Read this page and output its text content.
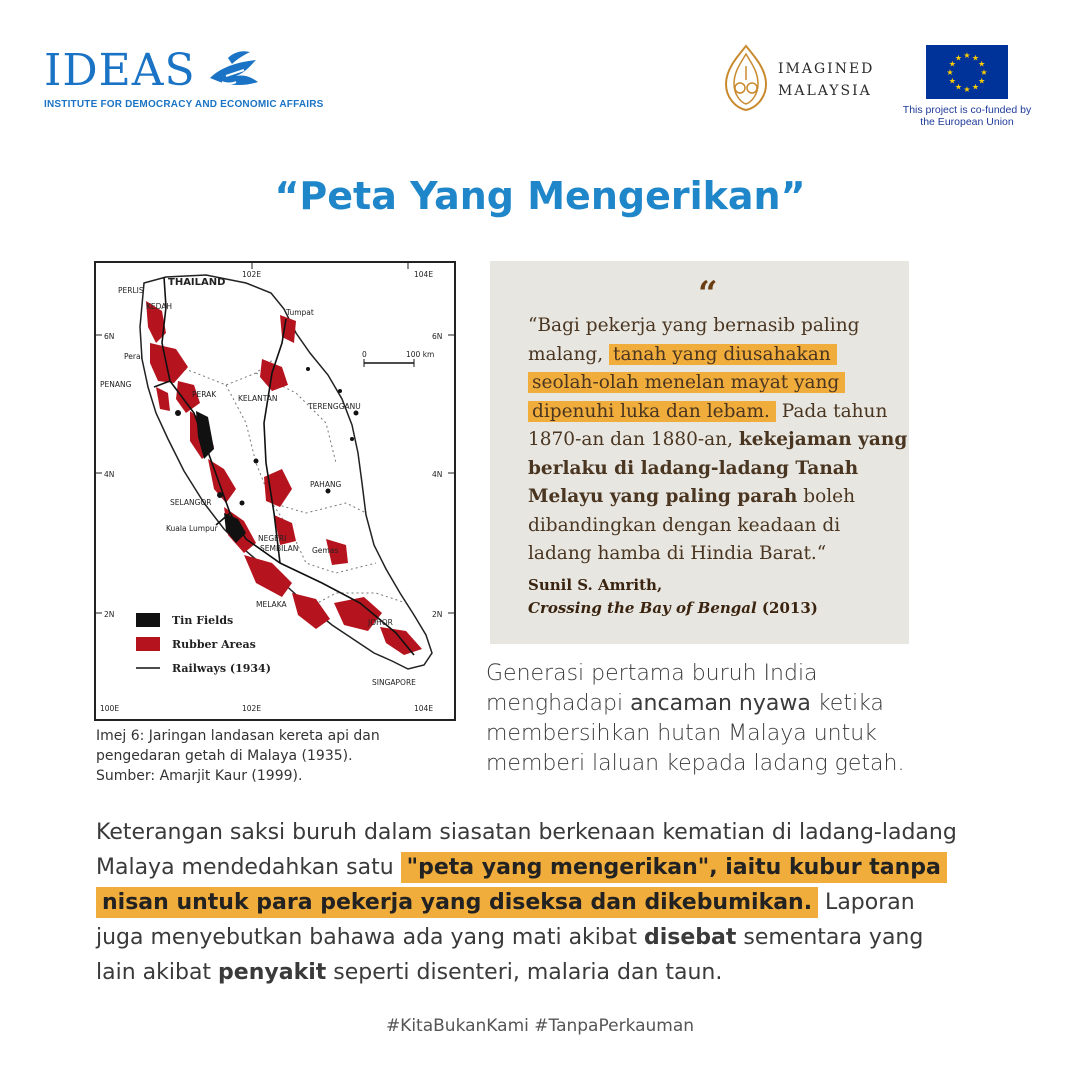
IDEAS
INSTITUTE FOR DEMOCRACY AND ECONOMIC AFFAIRS
IMAGINED
MALAYSIA
★ ★
★
★
★
★
★
★
★
★
★
★
This project is co-funded by
the European Union
“Peta Yang Mengerikan”
THAILAND
PERLIS
KEDAH
Perai
PENANG
PERAK	KELANTAN
TERENGGANU
Tumpat
PAHANG
SELANGOR
Kuala Lumpur
NEGERI
SEMBILAN Gemas
MELAKA
JOHOR
SINGAPORE
102E	104E
100E	102E	104E
6N
4N
2N
6N
4N
2N
0	100 km
Tin Fields
Rubber Areas
Railways (1934)
Imej 6: Jaringan landasan kereta api dan
pengedaran getah di Malaya (1935).
Sumber: Amarjit Kaur (1999).
“
“Bagi pekerja yang bernasib paling
malang, tanah yang diusahakan
seolah-olah menelan mayat yang
dipenuhi luka dan lebam. Pada tahun
1870-an dan 1880-an, kekejaman yang
berlaku di ladang-ladang Tanah
Melayu yang paling parah boleh
dibandingkan dengan keadaan di
ladang hamba di Hindia Barat.“
Sunil S. Amrith,
Crossing the Bay of Bengal (2013)
Generasi pertama buruh India
menghadapi ancaman nyawa ketika
membersihkan hutan Malaya untuk
memberi laluan kepada ladang getah.
Keterangan saksi buruh dalam siasatan berkenaan kematian di ladang-ladang
Malaya mendedahkan satu "peta yang mengerikan", iaitu kubur tanpa
nisan untuk para pekerja yang diseksa dan dikebumikan. Laporan
juga menyebutkan bahawa ada yang mati akibat disebat sementara yang
lain akibat penyakit seperti disenteri, malaria dan taun.
#KitaBukanKami #TanpaPerkauman
